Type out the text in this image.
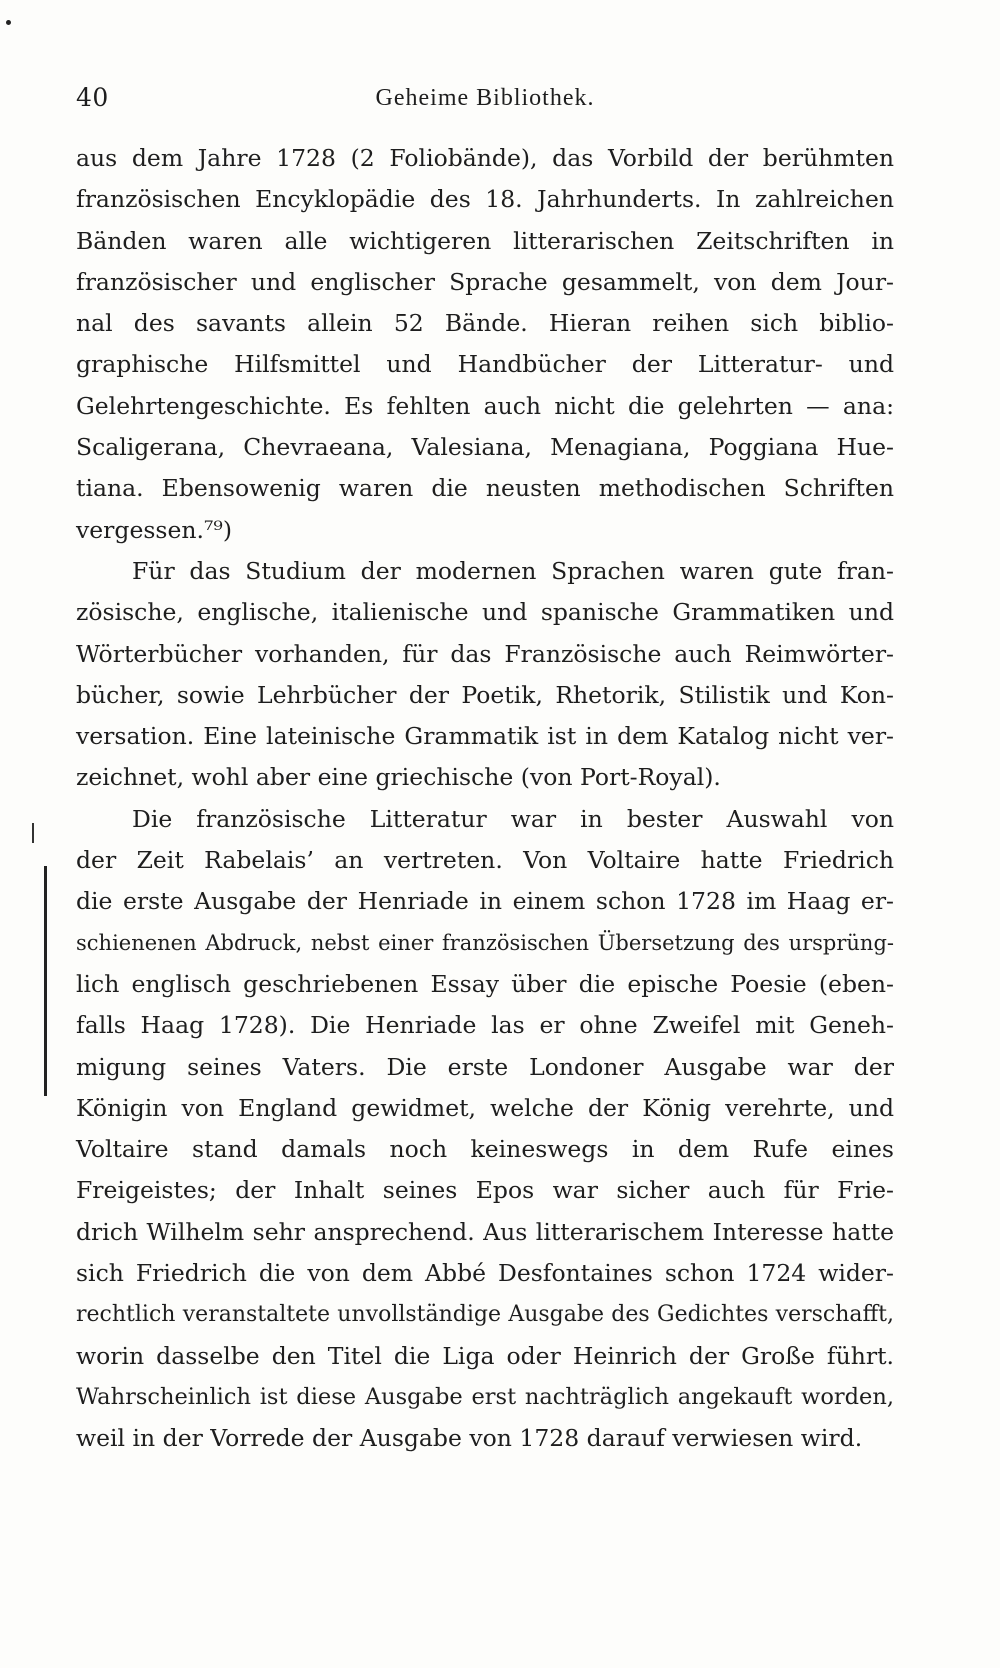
40	Geheime Bibliothek.
aus dem Jahre 1728 (2 Foliobände), das Vorbild der berühmten
französischen Encyklopädie des 18. Jahrhunderts. In zahlreichen
Bänden waren alle wichtigeren litterarischen Zeitschriften in
französischer und englischer Sprache gesammelt, von dem Jour-
nal des savants allein 52 Bände. Hieran reihen sich biblio-
graphische Hilfsmittel und Handbücher der Litteratur- und
Gelehrtengeschichte. Es fehlten auch nicht die gelehrten — ana:
Scaligerana, Chevraeana, Valesiana, Menagiana, Poggiana Hue-
tiana. Ebensowenig waren die neusten methodischen Schriften
vergessen.⁷⁹)
Für das Studium der modernen Sprachen waren gute fran-
zösische, englische, italienische und spanische Grammatiken und
Wörterbücher vorhanden, für das Französische auch Reimwörter-
bücher, sowie Lehrbücher der Poetik, Rhetorik, Stilistik und Kon-
versation. Eine lateinische Grammatik ist in dem Katalog nicht ver-
zeichnet, wohl aber eine griechische (von Port-Royal).
Die französische Litteratur war in bester Auswahl von
der Zeit Rabelais’ an vertreten. Von Voltaire hatte Friedrich
die erste Ausgabe der Henriade in einem schon 1728 im Haag er-
schienenen Abdruck, nebst einer französischen Übersetzung des ursprüng-
lich englisch geschriebenen Essay über die epische Poesie (eben-
falls Haag 1728). Die Henriade las er ohne Zweifel mit Geneh-
migung seines Vaters. Die erste Londoner Ausgabe war der
Königin von England gewidmet, welche der König verehrte, und
Voltaire stand damals noch keineswegs in dem Rufe eines
Freigeistes; der Inhalt seines Epos war sicher auch für Frie-
drich Wilhelm sehr ansprechend. Aus litterarischem Interesse hatte
sich Friedrich die von dem Abbé Desfontaines schon 1724 wider-
rechtlich veranstaltete unvollständige Ausgabe des Gedichtes verschafft,
worin dasselbe den Titel die Liga oder Heinrich der Große führt.
Wahrscheinlich ist diese Ausgabe erst nachträglich angekauft worden,
weil in der Vorrede der Ausgabe von 1728 darauf verwiesen wird.
